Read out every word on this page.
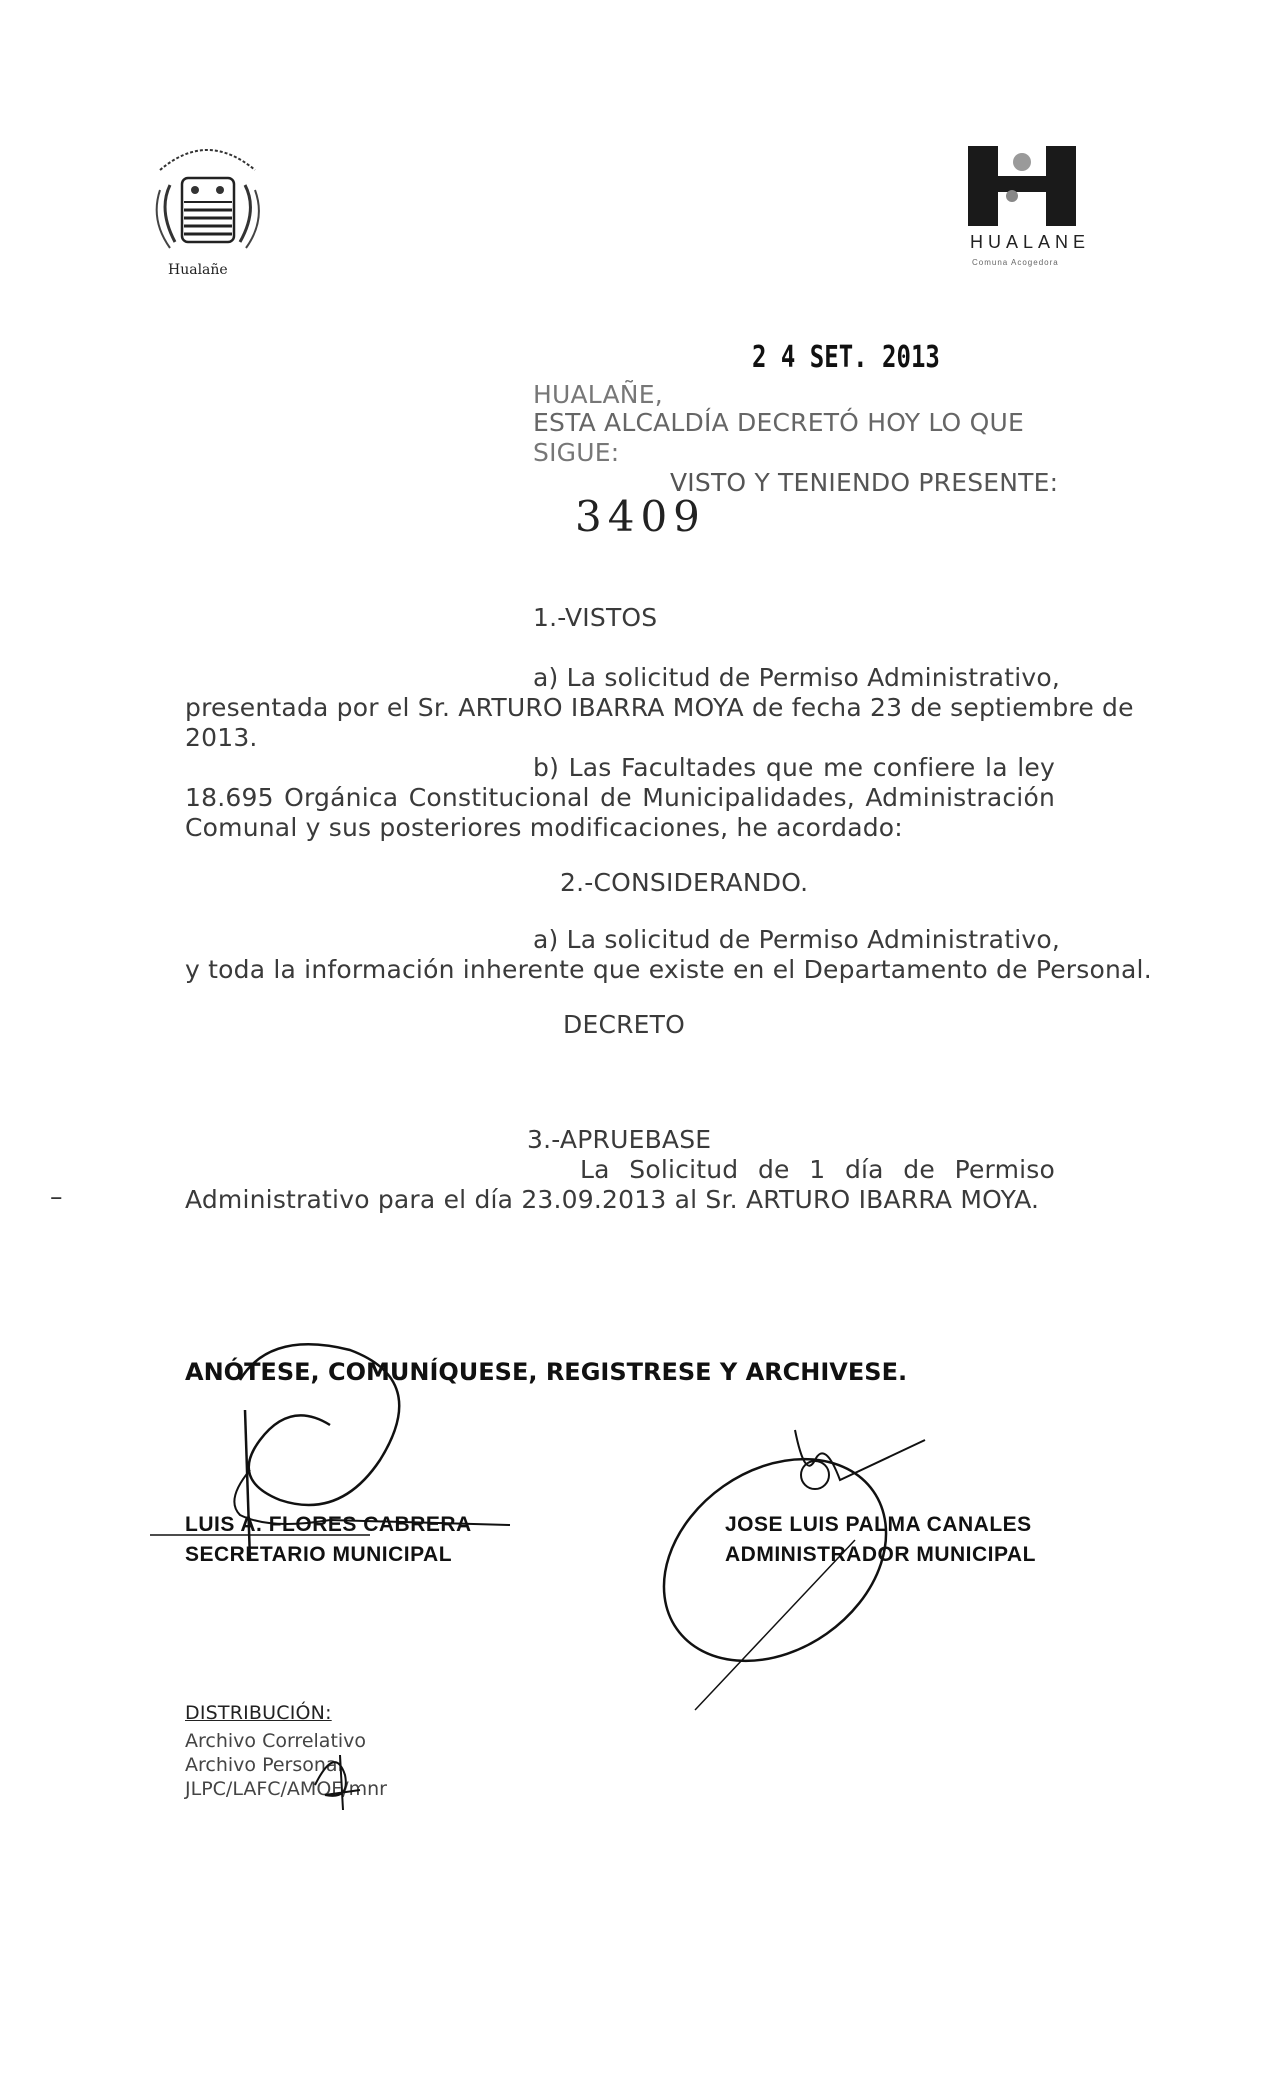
Hualañe
HUALANE
Comuna Acogedora
2 4 SET. 2013
HUALAÑE,
ESTA ALCALDÍA DECRETÓ HOY LO QUE
SIGUE:
VISTO Y TENIENDO PRESENTE:
3409
1.-VISTOS
a) La solicitud de Permiso Administrativo,
presentada por el Sr. ARTURO IBARRA MOYA de fecha 23 de septiembre de
2013.
b) Las Facultades que me confiere la ley
18.695 Orgánica Constitucional de Municipalidades, Administración
Comunal y sus posteriores modificaciones, he acordado:
2.-CONSIDERANDO.
a) La solicitud de Permiso Administrativo,
y toda la información inherente que existe en el Departamento de Personal.
DECRETO
3.-APRUEBASE
La Solicitud de 1 día de Permiso
Administrativo para el día 23.09.2013 al Sr. ARTURO IBARRA MOYA.
–
ANÓTESE, COMUNÍQUESE, REGISTRESE Y ARCHIVESE.
LUIS A. FLORES CABRERA
SECRETARIO MUNICIPAL
JOSE LUIS PALMA CANALES
ADMINISTRADOR MUNICIPAL
DISTRIBUCIÓN:
Archivo Correlativo
Archivo Personal
JLPC/LAFC/AMOF/mnr
